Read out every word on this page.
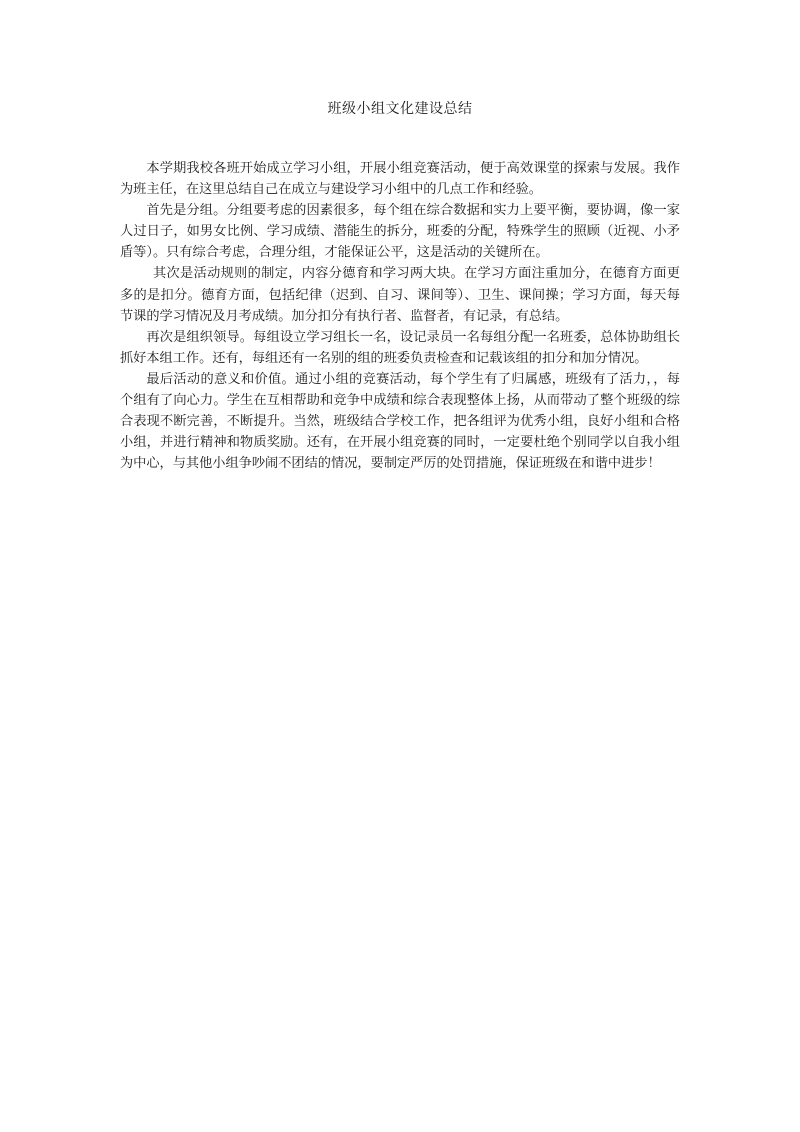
班级小组文化建设总结

本学期我校各班开始成立学习小组，开展小组竞赛活动，便于高效课堂的探索与发展。我作为班主任，在这里总结自己在成立与建设学习小组中的几点工作和经验。

首先是分组。分组要考虑的因素很多，每个组在综合数据和实力上要平衡，要协调，像一家人过日子，如男女比例、学习成绩、潜能生的拆分，班委的分配，特殊学生的照顾（近视、小矛盾等）。只有综合考虑，合理分组，才能保证公平，这是活动的关键所在。

其次是活动规则的制定，内容分德育和学习两大块。在学习方面注重加分，在德育方面更多的是扣分。德育方面，包括纪律（迟到、自习、课间等）、卫生、课间操；学习方面，每天每节课的学习情况及月考成绩。加分扣分有执行者、监督者，有记录，有总结。

再次是组织领导。每组设立学习组长一名，设记录员一名每组分配一名班委，总体协助组长抓好本组工作。还有，每组还有一名别的组的班委负责检查和记载该组的扣分和加分情况。

最后活动的意义和价值。通过小组的竞赛活动，每个学生有了归属感，班级有了活力，，每个组有了向心力。学生在互相帮助和竞争中成绩和综合表现整体上扬，从而带动了整个班级的综合表现不断完善，不断提升。当然，班级结合学校工作，把各组评为优秀小组，良好小组和合格小组，并进行精神和物质奖励。还有，在开展小组竞赛的同时，一定要杜绝个别同学以自我小组为中心，与其他小组争吵闹不团结的情况，要制定严厉的处罚措施，保证班级在和谐中进步！
